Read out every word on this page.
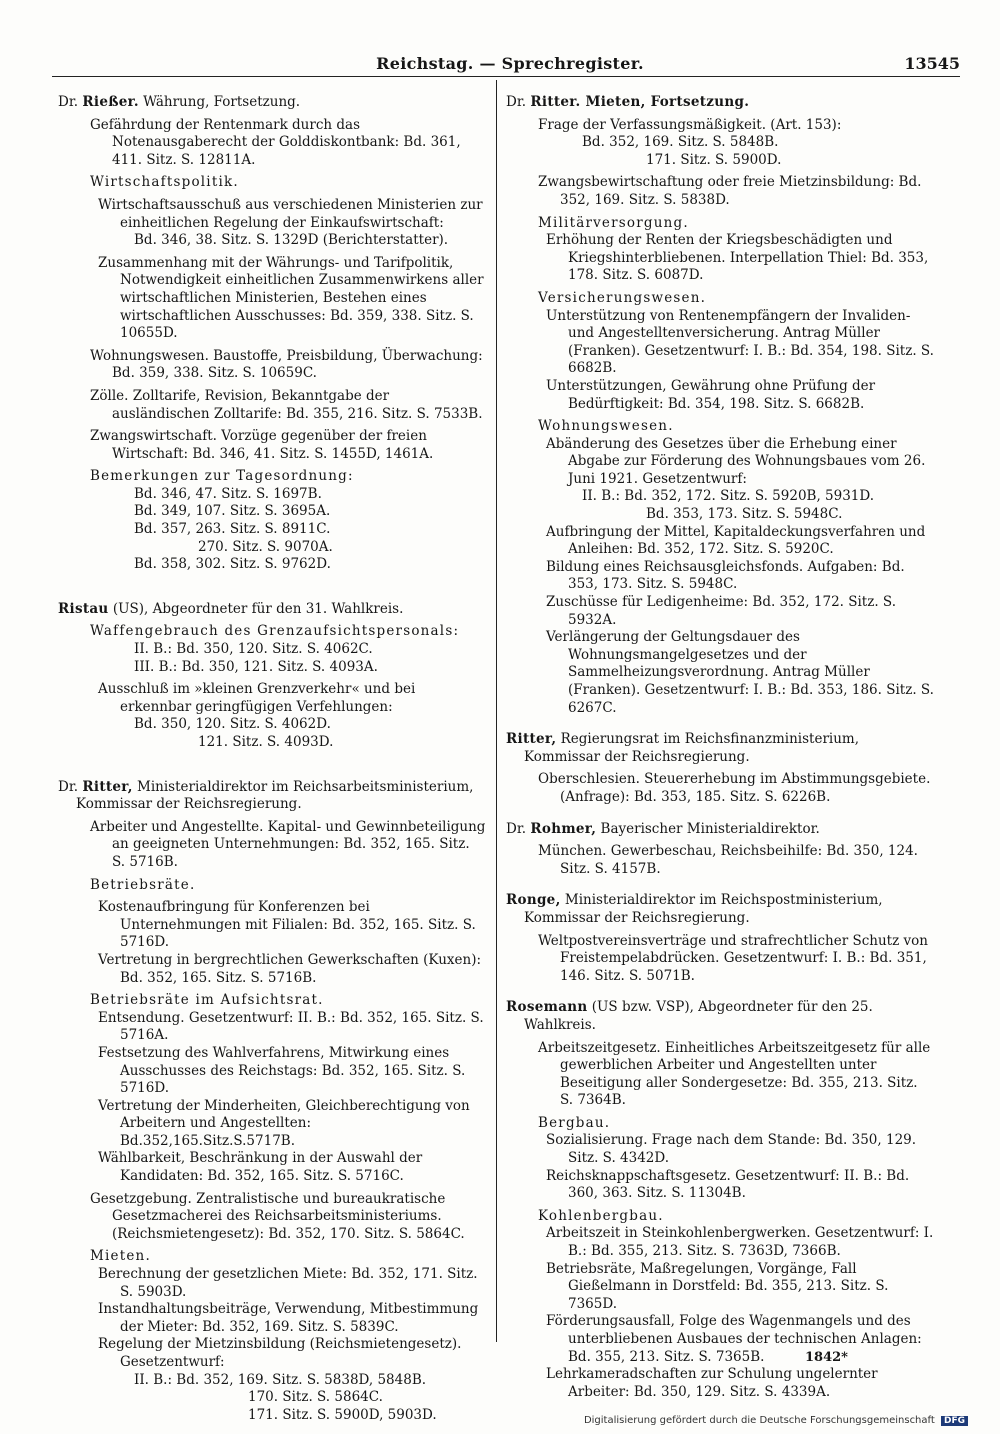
Reichstag. — Sprechregister.	13545
Dr. Rießer. Währung, Fortsetzung.
Gefährdung der Rentenmark durch das Notenausgaberecht der Golddiskontbank: Bd. 361, 411. Sitz. S. 12811A.
Wirtschaftspolitik.
Wirtschaftsausschuß aus verschiedenen Ministerien zur einheitlichen Regelung der Einkaufswirtschaft:
Bd. 346, 38. Sitz. S. 1329D (Berichterstatter).
Zusammenhang mit der Währungs- und Tarifpolitik, Notwendigkeit einheitlichen Zusammenwirkens aller wirtschaftlichen Ministerien, Bestehen eines wirtschaftlichen Ausschusses: Bd. 359, 338. Sitz. S. 10655D.
Wohnungswesen. Baustoffe, Preisbildung, Überwachung: Bd. 359, 338. Sitz. S. 10659C.
Zölle. Zolltarife, Revision, Bekanntgabe der ausländischen Zolltarife: Bd. 355, 216. Sitz. S. 7533B.
Zwangswirtschaft. Vorzüge gegenüber der freien Wirtschaft: Bd. 346, 41. Sitz. S. 1455D, 1461A.
Bemerkungen zur Tagesordnung:
Bd. 346, 47. Sitz. S. 1697B.
Bd. 349, 107. Sitz. S. 3695A.
Bd. 357, 263. Sitz. S. 8911C.
270. Sitz. S. 9070A.
Bd. 358, 302. Sitz. S. 9762D.
Ristau (US), Abgeordneter für den 31. Wahlkreis.
Waffengebrauch des Grenzaufsichtspersonals:
II. B.: Bd. 350, 120. Sitz. S. 4062C.
III. B.: Bd. 350, 121. Sitz. S. 4093A.
Ausschluß im »kleinen Grenzverkehr« und bei erkennbar geringfügigen Verfehlungen:
Bd. 350, 120. Sitz. S. 4062D.
121. Sitz. S. 4093D.
Dr. Ritter, Ministerialdirektor im Reichsarbeitsministerium, Kommissar der Reichsregierung.
Arbeiter und Angestellte. Kapital- und Gewinnbeteiligung an geeigneten Unternehmungen: Bd. 352, 165. Sitz. S. 5716B.
Betriebsräte.
Kostenaufbringung für Konferenzen bei Unternehmungen mit Filialen: Bd. 352, 165. Sitz. S. 5716D.
Vertretung in bergrechtlichen Gewerkschaften (Kuxen): Bd. 352, 165. Sitz. S. 5716B.
Betriebsräte im Aufsichtsrat.
Entsendung. Gesetzentwurf: II. B.: Bd. 352, 165. Sitz. S. 5716A.
Festsetzung des Wahlverfahrens, Mitwirkung eines Ausschusses des Reichstags: Bd. 352, 165. Sitz. S. 5716D.
Vertretung der Minderheiten, Gleichberechtigung von Arbeitern und Angestellten: Bd.352,165.Sitz.S.5717B.
Wählbarkeit, Beschränkung in der Auswahl der Kandidaten: Bd. 352, 165. Sitz. S. 5716C.
Gesetzgebung. Zentralistische und bureaukratische Gesetzmacherei des Reichsarbeitsministeriums. (Reichsmietengesetz): Bd. 352, 170. Sitz. S. 5864C.
Mieten.
Berechnung der gesetzlichen Miete: Bd. 352, 171. Sitz. S. 5903D.
Instandhaltungsbeiträge, Verwendung, Mitbestimmung der Mieter: Bd. 352, 169. Sitz. S. 5839C.
Regelung der Mietzinsbildung (Reichsmietengesetz). Gesetzentwurf:
II. B.: Bd. 352, 169. Sitz. S. 5838D, 5848B.
170. Sitz. S. 5864C.
171. Sitz. S. 5900D, 5903D.
Dr. Ritter. Mieten, Fortsetzung.
Frage der Verfassungsmäßigkeit. (Art. 153):
Bd. 352, 169. Sitz. S. 5848B.
171. Sitz. S. 5900D.
Zwangsbewirtschaftung oder freie Mietzinsbildung: Bd. 352, 169. Sitz. S. 5838D.
Militärversorgung.
Erhöhung der Renten der Kriegsbeschädigten und Kriegshinterbliebenen. Interpellation Thiel: Bd. 353, 178. Sitz. S. 6087D.
Versicherungswesen.
Unterstützung von Rentenempfängern der Invaliden- und Angestelltenversicherung. Antrag Müller (Franken). Gesetzentwurf: I. B.: Bd. 354, 198. Sitz. S. 6682B.
Unterstützungen, Gewährung ohne Prüfung der Bedürftigkeit: Bd. 354, 198. Sitz. S. 6682B.
Wohnungswesen.
Abänderung des Gesetzes über die Erhebung einer Abgabe zur Förderung des Wohnungsbaues vom 26. Juni 1921. Gesetzentwurf:
II. B.: Bd. 352, 172. Sitz. S. 5920B, 5931D.
Bd. 353, 173. Sitz. S. 5948C.
Aufbringung der Mittel, Kapitaldeckungsverfahren und Anleihen: Bd. 352, 172. Sitz. S. 5920C.
Bildung eines Reichsausgleichsfonds. Aufgaben: Bd. 353, 173. Sitz. S. 5948C.
Zuschüsse für Ledigenheime: Bd. 352, 172. Sitz. S. 5932A.
Verlängerung der Geltungsdauer des Wohnungsmangelgesetzes und der Sammelheizungsverordnung. Antrag Müller (Franken). Gesetzentwurf: I. B.: Bd. 353, 186. Sitz. S. 6267C.
Ritter, Regierungsrat im Reichsfinanzministerium, Kommissar der Reichsregierung.
Oberschlesien. Steuererhebung im Abstimmungsgebiete. (Anfrage): Bd. 353, 185. Sitz. S. 6226B.
Dr. Rohmer, Bayerischer Ministerialdirektor.
München. Gewerbeschau, Reichsbeihilfe: Bd. 350, 124. Sitz. S. 4157B.
Ronge, Ministerialdirektor im Reichspostministerium, Kommissar der Reichsregierung.
Weltpostvereinsverträge und strafrechtlicher Schutz von Freistempelabdrücken. Gesetzentwurf: I. B.: Bd. 351, 146. Sitz. S. 5071B.
Rosemann (US bzw. VSP), Abgeordneter für den 25. Wahlkreis.
Arbeitszeitgesetz. Einheitliches Arbeitszeitgesetz für alle gewerblichen Arbeiter und Angestellten unter Beseitigung aller Sondergesetze: Bd. 355, 213. Sitz. S. 7364B.
Bergbau.
Sozialisierung. Frage nach dem Stande: Bd. 350, 129. Sitz. S. 4342D.
Reichsknappschaftsgesetz. Gesetzentwurf: II. B.: Bd. 360, 363. Sitz. S. 11304B.
Kohlenbergbau.
Arbeitszeit in Steinkohlenbergwerken. Gesetzentwurf: I. B.: Bd. 355, 213. Sitz. S. 7363D, 7366B.
Betriebsräte, Maßregelungen, Vorgänge, Fall Gießelmann in Dorstfeld: Bd. 355, 213. Sitz. S. 7365D.
Förderungsausfall, Folge des Wagenmangels und des unterbliebenen Ausbaues der technischen Anlagen: Bd. 355, 213. Sitz. S. 7365B.
Lehrkameradschaften zur Schulung ungelernter Arbeiter: Bd. 350, 129. Sitz. S. 4339A.
1842*
Digitalisierung gefördert durch die Deutsche Forschungsgemeinschaft DFG
